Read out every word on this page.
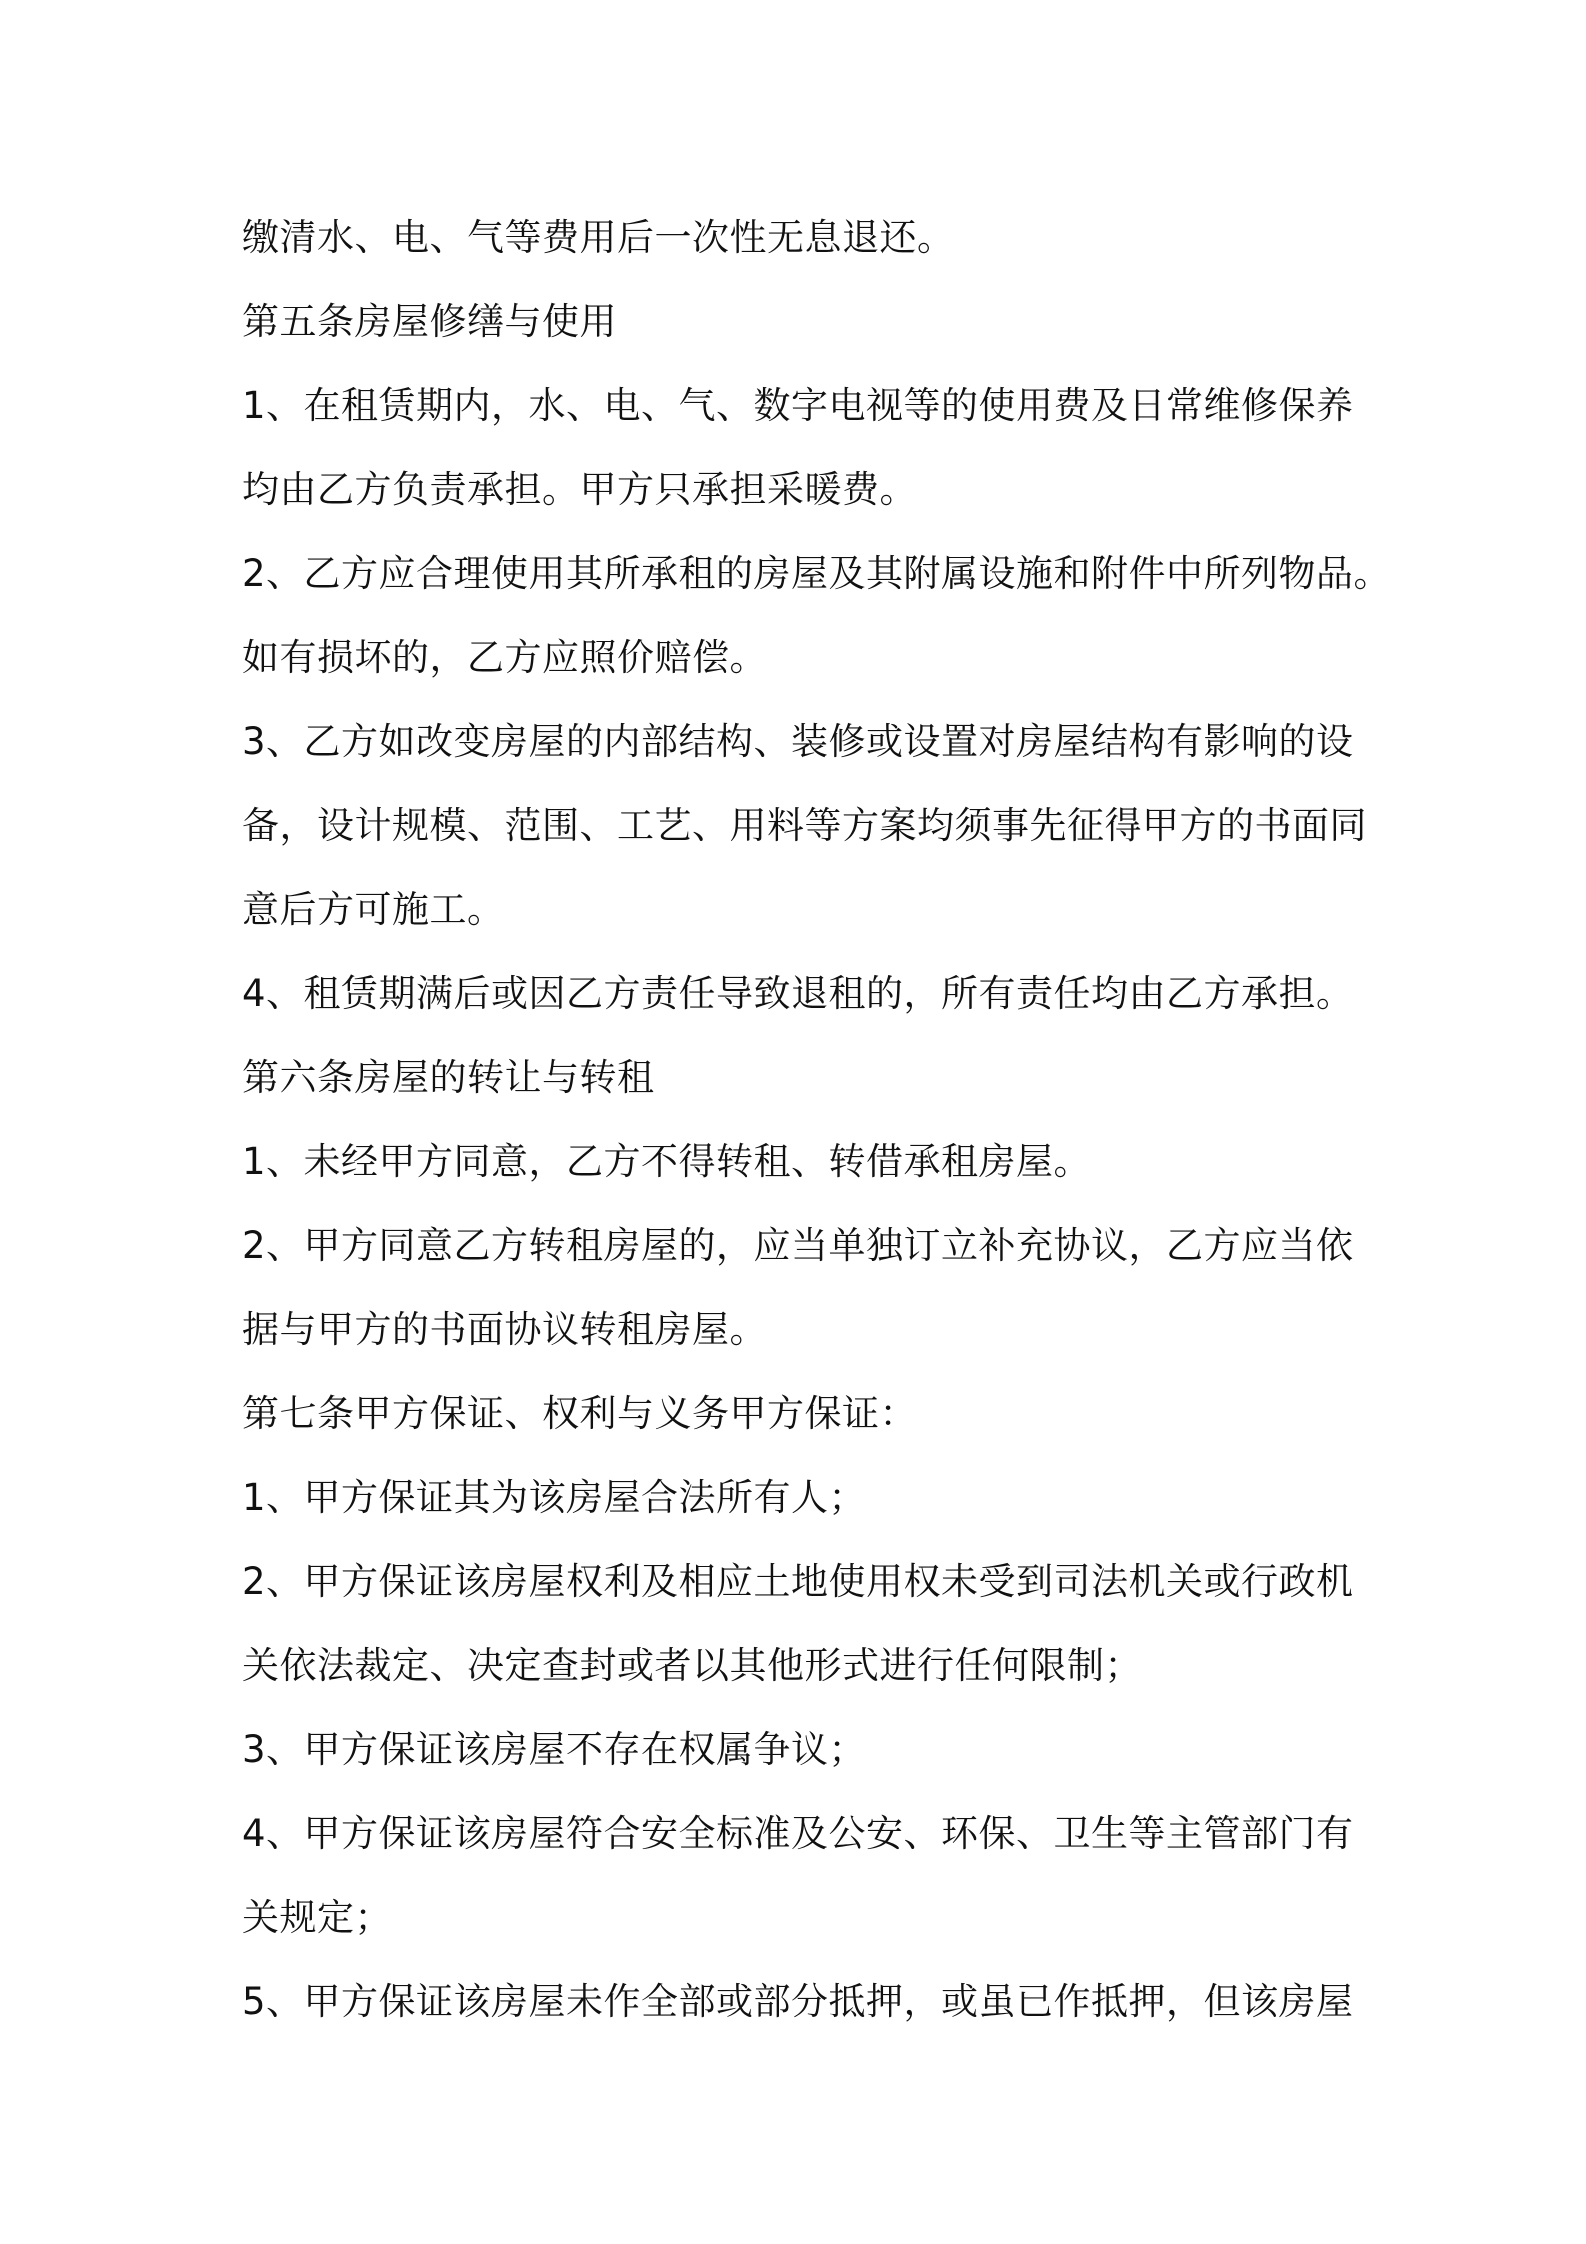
缴清水、电、气等费用后一次性无息退还。
第五条房屋修缮与使用
1、在租赁期内，水、电、气、数字电视等的使用费及日常维修保养
均由乙方负责承担。甲方只承担采暖费。
2、乙方应合理使用其所承租的房屋及其附属设施和附件中所列物品。
如有损坏的，乙方应照价赔偿。
3、乙方如改变房屋的内部结构、装修或设置对房屋结构有影响的设
备，设计规模、范围、工艺、用料等方案均须事先征得甲方的书面同
意后方可施工。
4、租赁期满后或因乙方责任导致退租的，所有责任均由乙方承担。
第六条房屋的转让与转租
1、未经甲方同意，乙方不得转租、转借承租房屋。
2、甲方同意乙方转租房屋的，应当单独订立补充协议，乙方应当依
据与甲方的书面协议转租房屋。
第七条甲方保证、权利与义务甲方保证：
1、甲方保证其为该房屋合法所有人；
2、甲方保证该房屋权利及相应土地使用权未受到司法机关或行政机
关依法裁定、决定查封或者以其他形式进行任何限制；
3、甲方保证该房屋不存在权属争议；
4、甲方保证该房屋符合安全标准及公安、环保、卫生等主管部门有
关规定；
5、甲方保证该房屋未作全部或部分抵押，或虽已作抵押，但该房屋
